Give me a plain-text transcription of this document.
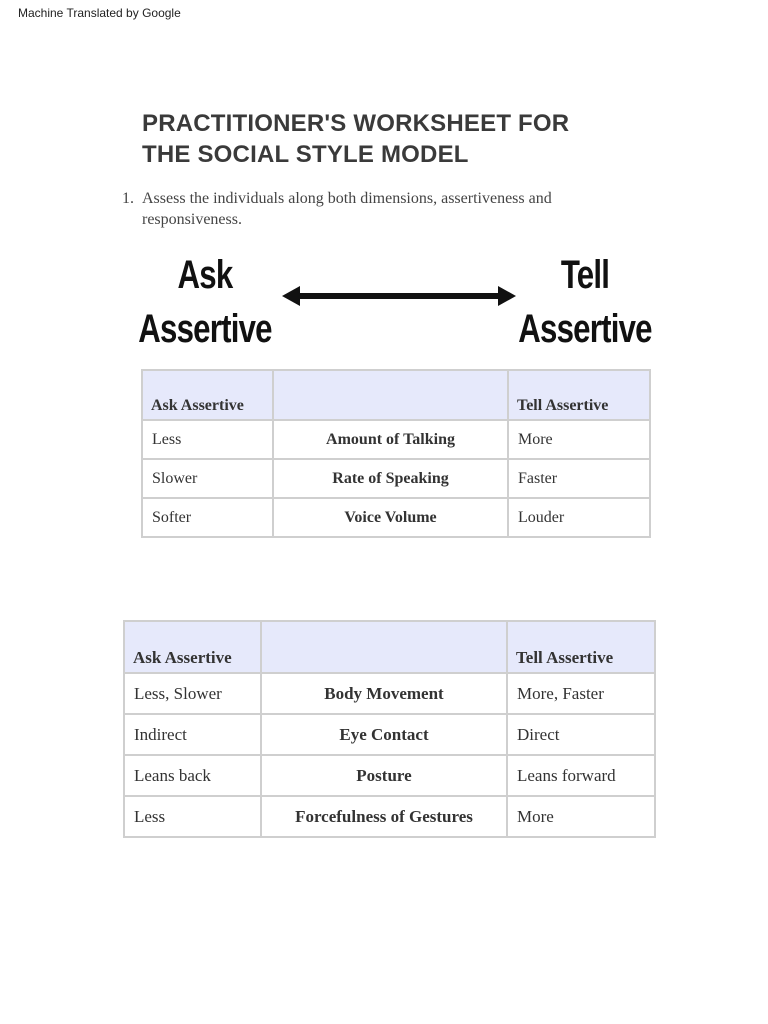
Machine Translated by Google
PRACTITIONER'S WORKSHEET FOR
THE SOCIAL STYLE MODEL
1. Assess the individuals along both dimensions, assertiveness and
responsiveness.
Ask
Assertive
Tell
Assertive
Ask Assertive		Tell Assertive
Less	Amount of Talking	More
Slower	Rate of Speaking	Faster
Softer	Voice Volume	Louder
Ask Assertive		Tell Assertive
Less, Slower	Body Movement	More, Faster
Indirect	Eye Contact	Direct
Leans back	Posture	Leans forward
Less	Forcefulness of Gestures	More
